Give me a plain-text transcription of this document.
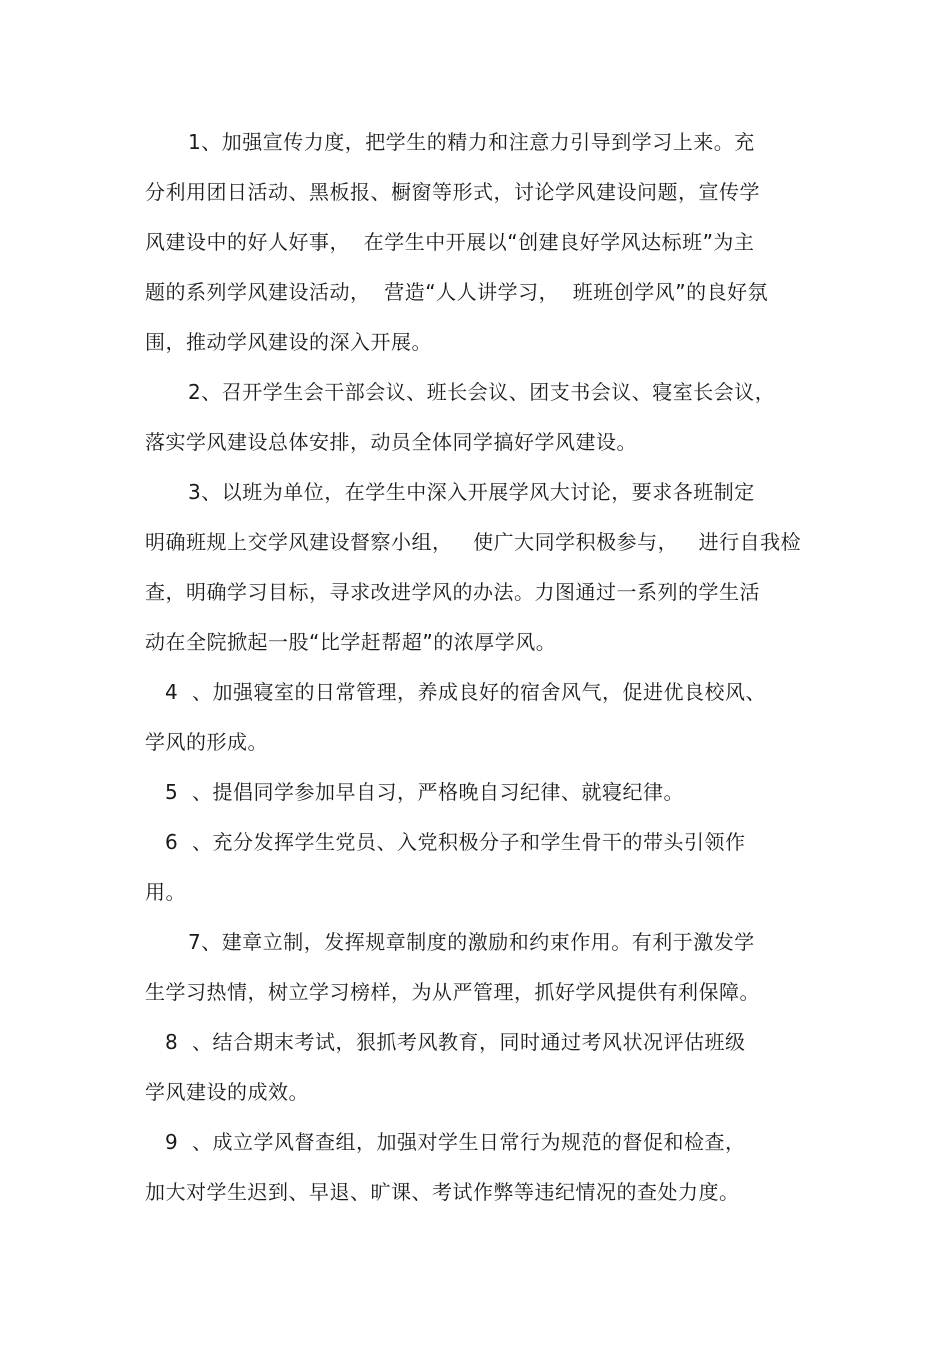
1、加强宣传力度，把学生的精力和注意力引导到学习上来。充
分利用团日活动、黑板报、橱窗等形式，讨论学风建设问题，宣传学
风建设中的好人好事，  在学生中开展以“创建良好学风达标班”为主
题的系列学风建设活动，  营造“人人讲学习，  班班创学风”的良好氛
围，推动学风建设的深入开展。
2、召开学生会干部会议、班长会议、团支书会议、寝室长会议，
落实学风建设总体安排，动员全体同学搞好学风建设。
3、以班为单位，在学生中深入开展学风大讨论，要求各班制定
明确班规上交学风建设督察小组，   使广大同学积极参与，   进行自我检
查，明确学习目标，寻求改进学风的办法。力图通过一系列的学生活
动在全院掀起一股“比学赶帮超”的浓厚学风。
4  、加强寝室的日常管理，养成良好的宿舍风气，促进优良校风、
学风的形成。
5  、提倡同学参加早自习，严格晚自习纪律、就寝纪律。
6  、充分发挥学生党员、入党积极分子和学生骨干的带头引领作
用。
7、建章立制，发挥规章制度的激励和约束作用。有利于激发学
生学习热情，树立学习榜样，为从严管理，抓好学风提供有利保障。
8  、结合期末考试，狠抓考风教育，同时通过考风状况评估班级
学风建设的成效。
9  、成立学风督查组，加强对学生日常行为规范的督促和检查，
加大对学生迟到、早退、旷课、考试作弊等违纪情况的查处力度。
